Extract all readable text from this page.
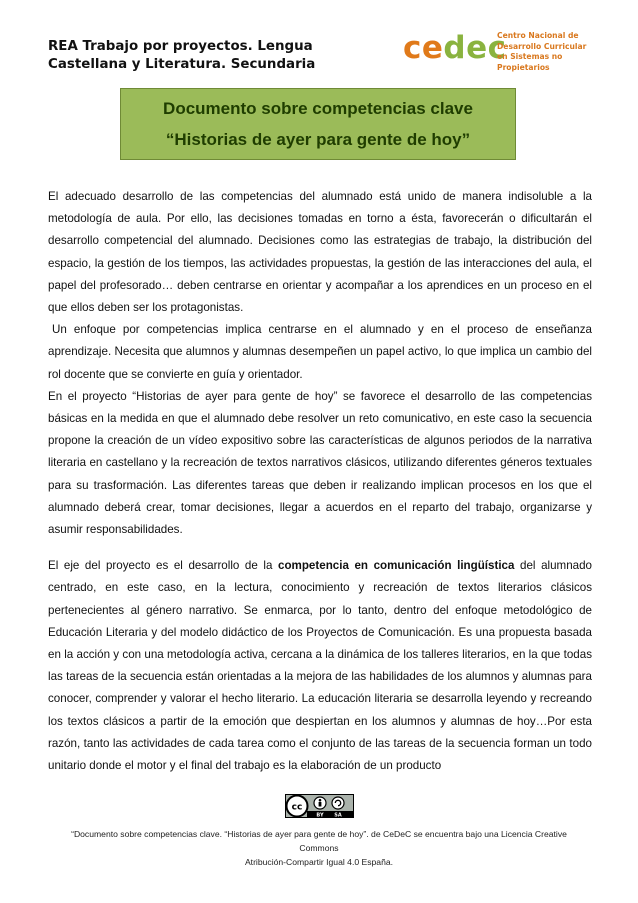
REA Trabajo por proyectos. Lengua
Castellana y Literatura. Secundaria	cedec
Centro Nacional de
Desarrollo Curricular
en Sistemas no Propietarios
Documento sobre competencias clave
“Historias de ayer para gente de hoy”

El adecuado desarrollo de las competencias del alumnado está unido de manera indisoluble a la metodología de aula. Por ello, las decisiones tomadas en torno a ésta, favorecerán o dificultarán el desarrollo competencial del alumnado. Decisiones como las estrategias de trabajo, la distribución del espacio, la gestión de los tiempos, las actividades propuestas, la gestión de las interacciones del aula, el papel del profesorado… deben centrarse en orientar y acompañar a los aprendices en un proceso en el que ellos deben ser los protagonistas.

Un enfoque por competencias implica centrarse en el alumnado y en el proceso de enseñanza aprendizaje. Necesita que alumnos y alumnas desempeñen un papel activo, lo que implica un cambio del rol docente que se convierte en guía y orientador.

En el proyecto “Historias de ayer para gente de hoy” se favorece el desarrollo de las competencias básicas en la medida en que el alumnado debe resolver un reto comunicativo, en este caso la secuencia propone la creación de un vídeo expositivo sobre las características de algunos periodos de la narrativa literaria en castellano y la recreación de textos narrativos clásicos, utilizando diferentes géneros textuales para su trasformación. Las diferentes tareas que deben ir realizando implican procesos en los que el alumnado deberá crear, tomar decisiones, llegar a acuerdos en el reparto del trabajo, organizarse y asumir responsabilidades.

El eje del proyecto es el desarrollo de la competencia en comunicación lingüística del alumnado centrado, en este caso, en la lectura, conocimiento y recreación de textos literarios clásicos pertenecientes al género narrativo. Se enmarca, por lo tanto, dentro del enfoque metodológico de Educación Literaria y del modelo didáctico de los Proyectos de Comunicación. Es una propuesta basada en la acción y con una metodología activa, cercana a la dinámica de los talleres literarios, en la que todas las tareas de la secuencia están orientadas a la mejora de las habilidades de los alumnos y alumnas para conocer, comprender y valorar el hecho literario. La educación literaria se desarrolla leyendo y recreando los textos clásicos a partir de la emoción que despiertan en los alumnos y alumnas de hoy…Por esta razón, tanto las actividades de cada tarea como el conjunto de las tareas de la secuencia forman un todo unitario donde el motor y el final del trabajo es la elaboración de un producto

cc
BY SA
“Documento sobre competencias clave. “Historias de ayer para gente de hoy”. de CeDeC se encuentra bajo una Licencia Creative Commons
Atribución-Compartir Igual 4.0 España.
